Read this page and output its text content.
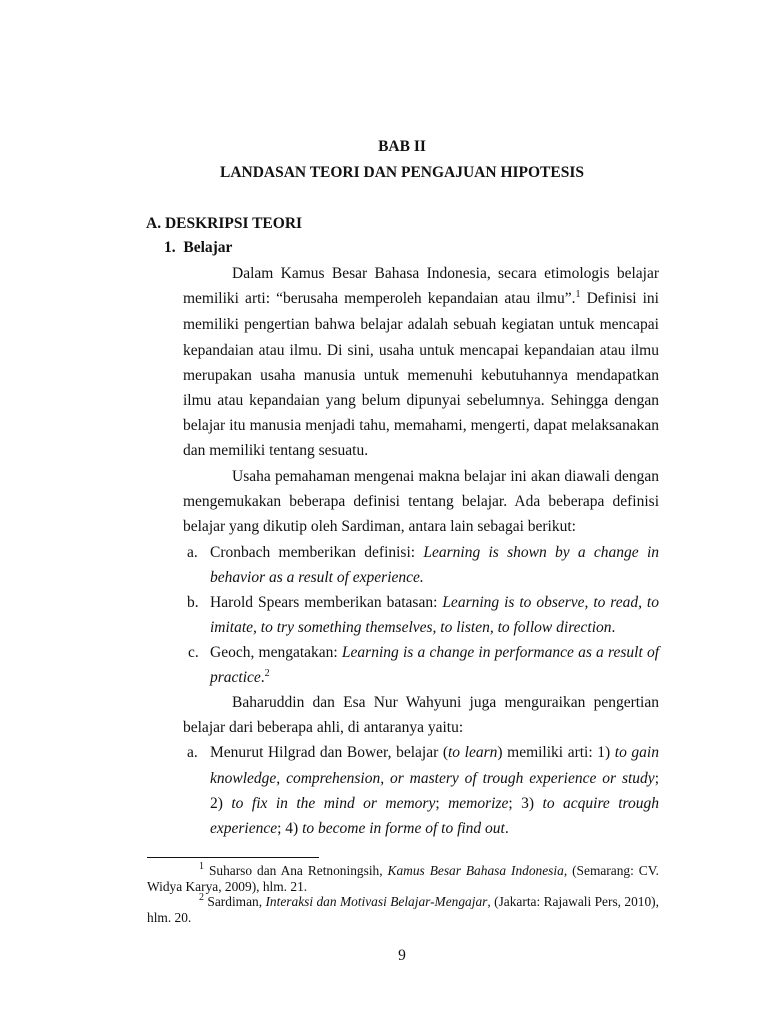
BAB II
LANDASAN TEORI DAN PENGAJUAN HIPOTESIS
A. DESKRIPSI TEORI
1.  Belajar
Dalam Kamus Besar Bahasa Indonesia, secara etimologis belajar
memiliki arti: “berusaha memperoleh kepandaian atau ilmu”.$^1$ Definisi ini
memiliki pengertian bahwa belajar adalah sebuah kegiatan untuk mencapai
kepandaian atau ilmu. Di sini, usaha untuk mencapai kepandaian atau ilmu
merupakan usaha manusia untuk memenuhi kebutuhannya mendapatkan
ilmu atau kepandaian yang belum dipunyai sebelumnya. Sehingga dengan
belajar itu manusia menjadi tahu, memahami, mengerti, dapat melaksanakan
dan memiliki tentang sesuatu.
Usaha pemahaman mengenai makna belajar ini akan diawali dengan
mengemukakan beberapa definisi tentang belajar. Ada beberapa definisi
belajar yang dikutip oleh Sardiman, antara lain sebagai berikut:
a. Cronbach memberikan definisi: Learning is shown by a change in
behavior as a result of experience.
b. Harold Spears memberikan batasan: Learning is to observe, to read, to
imitate, to try something themselves, to listen, to follow direction.
c. Geoch, mengatakan: Learning is a change in performance as a result of
practice.$^2$
Baharuddin dan Esa Nur Wahyuni juga menguraikan pengertian
belajar dari beberapa ahli, di antaranya yaitu:
a. Menurut Hilgrad dan Bower, belajar (to learn) memiliki arti: 1) to gain
knowledge, comprehension, or mastery of trough experience or study;
2) to fix in the mind or memory; memorize; 3) to acquire trough
experience; 4) to become in forme of to find out.
$^1$ Suharso dan Ana Retnoningsih, Kamus Besar Bahasa Indonesia, (Semarang: CV.
Widya Karya, 2009), hlm. 21.
$^2$ Sardiman, Interaksi dan Motivasi Belajar-Mengajar, (Jakarta: Rajawali Pers, 2010),
hlm. 20.
9
